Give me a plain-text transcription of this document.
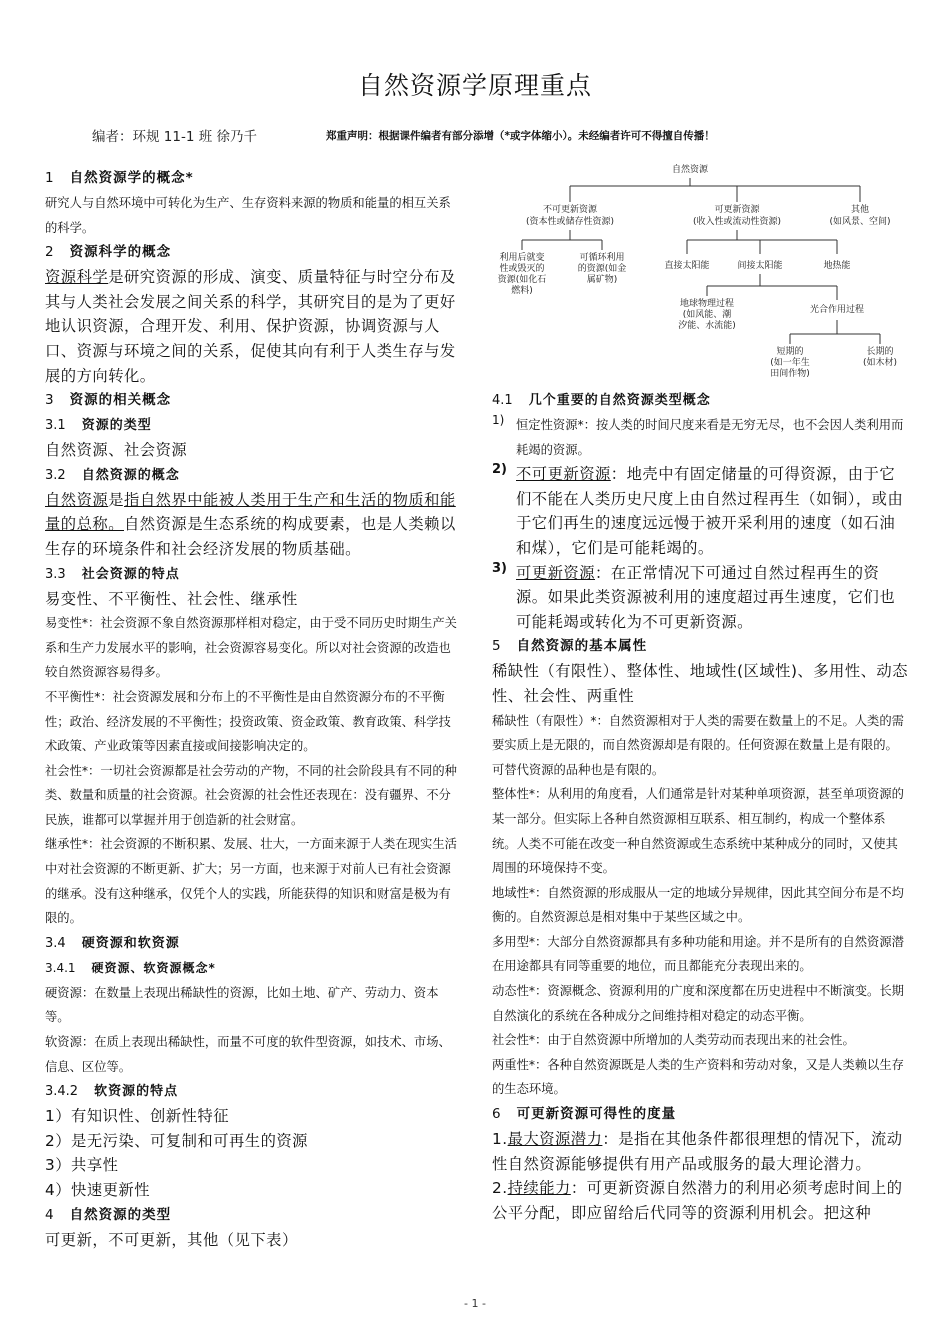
自然资源学原理重点
编者：环规 11-1 班 徐乃千	郑重声明：根据课件编者有部分添增（*或字体缩小）。未经编者许可不得擅自传播！

1 自然资源学的概念*

研究人与自然环境中可转化为生产、生存资料来源的物质和能量的相互关系的科学。

2 资源科学的概念

资源科学是研究资源的形成、演变、质量特征与时空分布及其与人类社会发展之间关系的科学，其研究目的是为了更好地认识资源，合理开发、利用、保护资源，协调资源与人口、资源与环境之间的关系，促使其向有利于人类生存与发展的方向转化。

3 资源的相关概念

3.1 资源的类型

自然资源、社会资源

3.2 自然资源的概念

自然资源是指自然界中能被人类用于生产和生活的物质和能量的总称。自然资源是生态系统的构成要素，也是人类赖以生存的环境条件和社会经济发展的物质基础。

3.3 社会资源的特点

易变性、不平衡性、社会性、继承性

易变性*：社会资源不象自然资源那样相对稳定，由于受不同历史时期生产关系和生产力发展水平的影响，社会资源容易变化。所以对社会资源的改造也较自然资源容易得多。

不平衡性*：社会资源发展和分布上的不平衡性是由自然资源分布的不平衡性；政治、经济发展的不平衡性；投资政策、资金政策、教育政策、科学技术政策、产业政策等因素直接或间接影响决定的。

社会性*：一切社会资源都是社会劳动的产物，不同的社会阶段具有不同的种类、数量和质量的社会资源。社会资源的社会性还表现在：没有疆界、不分民族，谁都可以掌握并用于创造新的社会财富。

继承性*：社会资源的不断积累、发展、壮大，一方面来源于人类在现实生活中对社会资源的不断更新、扩大；另一方面，也来源于对前人已有社会资源的继承。没有这种继承，仅凭个人的实践，所能获得的知识和财富是极为有限的。

3.4 硬资源和软资源

3.4.1 硬资源、软资源概念*

硬资源：在数量上表现出稀缺性的资源，比如土地、矿产、劳动力、资本等。

软资源：在质上表现出稀缺性，而量不可度的软件型资源，如技术、市场、信息、区位等。

3.4.2 软资源的特点

1）有知识性、创新性特征

2）是无污染、可复制和可再生的资源

3）共享性

4）快速更新性

4 自然资源的类型

可更新，不可更新，其他（见下表）

自然资源
不可更新资源
(资本性或储存性资源)
可更新资源
(收入性或流动性资源)
其他
(如风景、空间)
利用后就变
性或毁灭的
资源(如化石
燃料)
可循环利用
的资源(如金
属矿物)
直接太阳能	间接太阳能	地热能
地球物理过程
(如风能、潮
汐能、水流能)
光合作用过程
短期的
(如一年生
田间作物)
长期的
(如木材)

4.1 几个重要的自然资源类型概念

1) 恒定性资源*：按人类的时间尺度来看是无穷无尽，也不会因人类利用而耗竭的资源。

2) 不可更新资源：地壳中有固定储量的可得资源，由于它们不能在人类历史尺度上由自然过程再生（如铜），或由于它们再生的速度远远慢于被开采利用的速度（如石油和煤），它们是可能耗竭的。

3) 可更新资源：在正常情况下可通过自然过程再生的资源。如果此类资源被利用的速度超过再生速度，它们也可能耗竭或转化为不可更新资源。

5 自然资源的基本属性

稀缺性（有限性）、整体性、地域性(区域性)、多用性、动态性、社会性、两重性

稀缺性（有限性）*：自然资源相对于人类的需要在数量上的不足。人类的需要实质上是无限的，而自然资源却是有限的。任何资源在数量上是有限的。可替代资源的品种也是有限的。

整体性*：从利用的角度看，人们通常是针对某种单项资源，甚至单项资源的某一部分。但实际上各种自然资源相互联系、相互制约，构成一个整体系统。人类不可能在改变一种自然资源或生态系统中某种成分的同时，又使其周围的环境保持不变。

地域性*：自然资源的形成服从一定的地域分异规律，因此其空间分布是不均衡的。自然资源总是相对集中于某些区域之中。

多用型*：大部分自然资源都具有多种功能和用途。并不是所有的自然资源潜在用途都具有同等重要的地位，而且都能充分表现出来的。

动态性*：资源概念、资源利用的广度和深度都在历史进程中不断演变。长期自然演化的系统在各种成分之间维持相对稳定的动态平衡。

社会性*：由于自然资源中所增加的人类劳动而表现出来的社会性。

两重性*：各种自然资源既是人类的生产资料和劳动对象，又是人类赖以生存的生态环境。

6 可更新资源可得性的度量

1.最大资源潜力：是指在其他条件都很理想的情况下，流动性自然资源能够提供有用产品或服务的最大理论潜力。

2.持续能力：可更新资源自然潜力的利用必须考虑时间上的公平分配，即应留给后代同等的资源利用机会。把这种

- 1 -
